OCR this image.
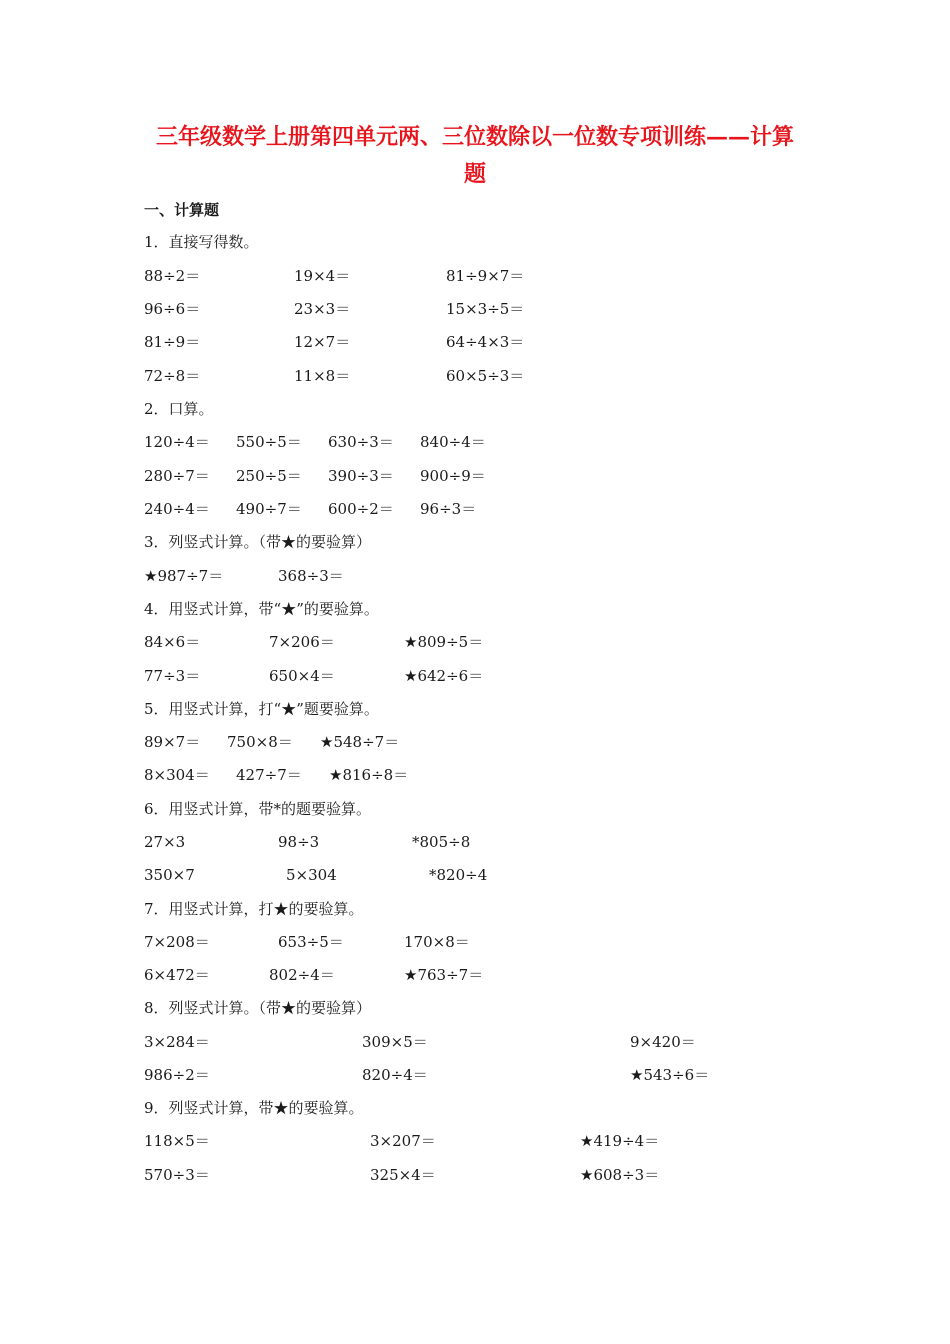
三年级数学上册第四单元两、三位数除以一位数专项训练——计算
题
一、计算题
1．直接写得数。
88÷2＝	19×4＝	81÷9×7＝
96÷6＝	23×3＝	15×3÷5＝
81÷9＝	12×7＝	64÷4×3＝
72÷8＝	11×8＝	60×5÷3＝
2．口算。
120÷4＝ 550÷5＝ 630÷3＝ 840÷4＝
280÷7＝ 250÷5＝ 390÷3＝ 900÷9＝
240÷4＝ 490÷7＝ 600÷2＝ 96÷3＝
3．列竖式计算。（带★的要验算）
★987÷7＝	368÷3＝
4．用竖式计算，带“★”的要验算。
84×6＝	7×206＝	★809÷5＝
77÷3＝	650×4＝	★642÷6＝
5．用竖式计算，打“★”题要验算。
89×7＝ 750×8＝ ★548÷7＝
8×304＝ 427÷7＝ ★816÷8＝
6．用竖式计算，带*的题要验算。
27×3	98÷3	*805÷8
350×7	5×304	*820÷4
7．用竖式计算，打★的要验算。
7×208＝	653÷5＝	170×8＝
6×472＝	802÷4＝	★763÷7＝
8．列竖式计算。（带★的要验算）
3×284＝	309×5＝	9×420＝
986÷2＝	820÷4＝	★543÷6＝
9．列竖式计算，带★的要验算。
118×5＝	3×207＝	★419÷4＝
570÷3＝	325×4＝	★608÷3＝
